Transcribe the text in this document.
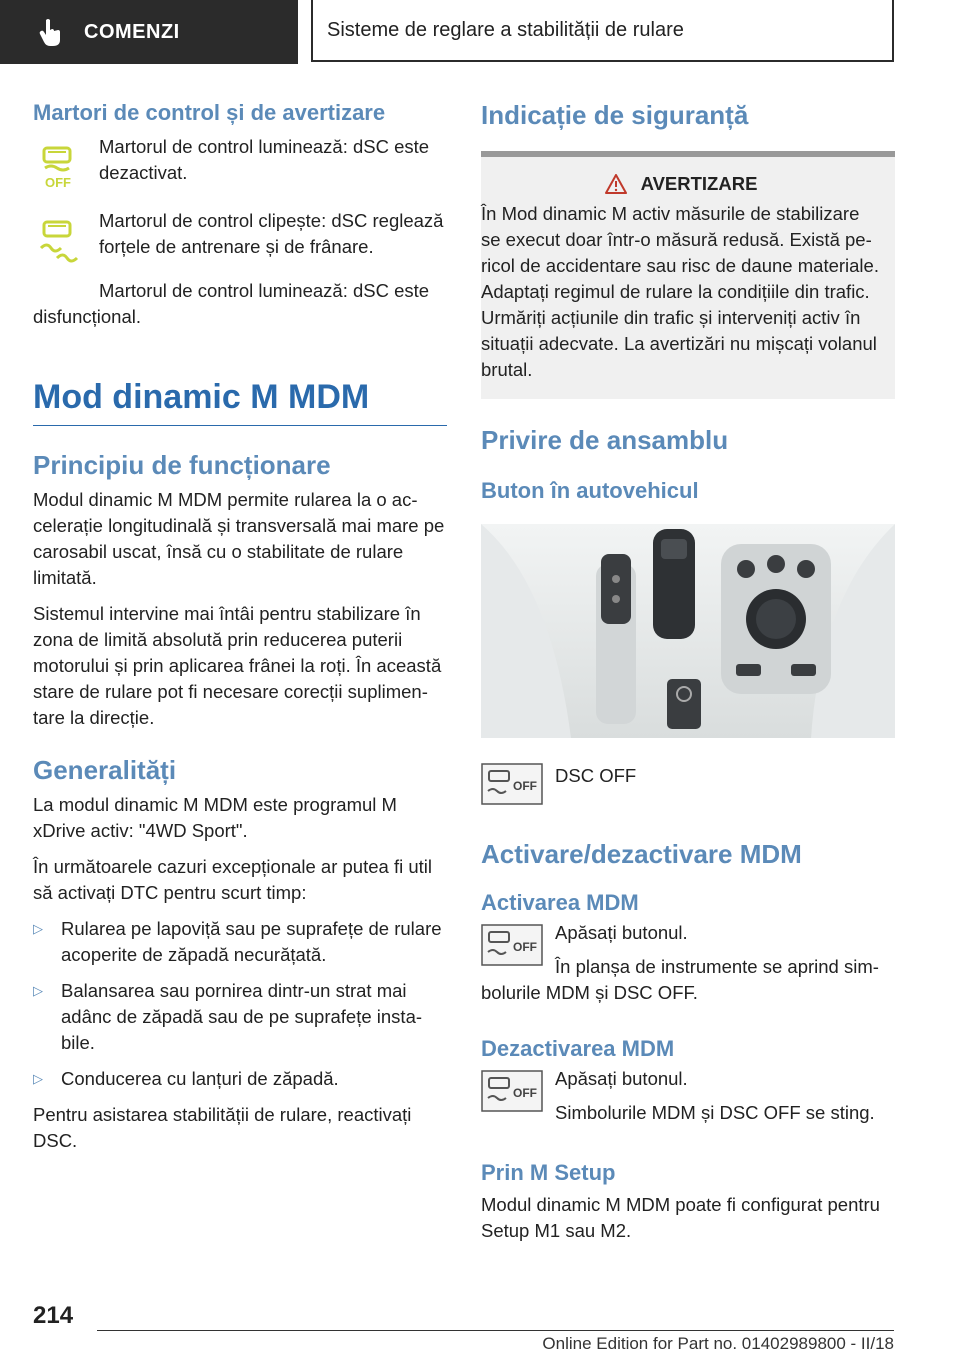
COMENZI	Sisteme de reglare a stabilității de rulare
Martori de control și de avertizare
OFF

Martorul de control luminează: dSC este dezactivat.

Martorul de control clipește: dSC reglează forțele de antrenare și de frânare.

Martorul de control luminează: dSC este disfuncțional.

Mod dinamic M MDM
Principiu de funcționare

Modul dinamic M MDM permite rularea la o accelerație longitudinală și transversală mai mare pe carosabil uscat, însă cu o stabilitate de rulare limitată.

Sistemul intervine mai întâi pentru stabilizare în zona de limită absolută prin reducerea puterii motorului și prin aplicarea frânei la roți. În această stare de rulare pot fi necesare corecții suplimentare la direcție.

Generalități

La modul dinamic M MDM este programul M xDrive activ: "4WD Sport".

În următoarele cazuri excepționale ar putea fi util să activați DTC pentru scurt timp:

▷ Rularea pe lapoviță sau pe suprafețe de rulare acoperite de zăpadă necurățată.
▷ Balansarea sau pornirea dintr-un strat mai adânc de zăpadă sau de pe suprafețe instabile.
▷ Conducerea cu lanțuri de zăpadă.

Pentru asistarea stabilității de rulare, reactivați DSC.

Indicație de siguranță
AVERTIZARE

În Mod dinamic M activ măsurile de stabilizare se execut doar într-o măsură redusă. Există pericol de accidentare sau risc de daune materiale. Adaptați regimul de rulare la condițiile din trafic. Urmăriți acțiunile din trafic și interveniți activ în situații adecvate. La avertizări nu mișcați volanul brutal.

Privire de ansamblu
Buton în autovehicul
OFF DSC OFF

Activare/dezactivare MDM
Activarea MDM
OFF

Apăsați butonul.

În planșa de instrumente se aprind simbolurile MDM și DSC OFF.

Dezactivarea MDM
OFF

Apăsați butonul.

Simbolurile MDM și DSC OFF se sting.

Prin M Setup

Modul dinamic M MDM poate fi configurat pentru Setup M1 sau M2.

214
Online Edition for Part no. 01402989800 - II/18
